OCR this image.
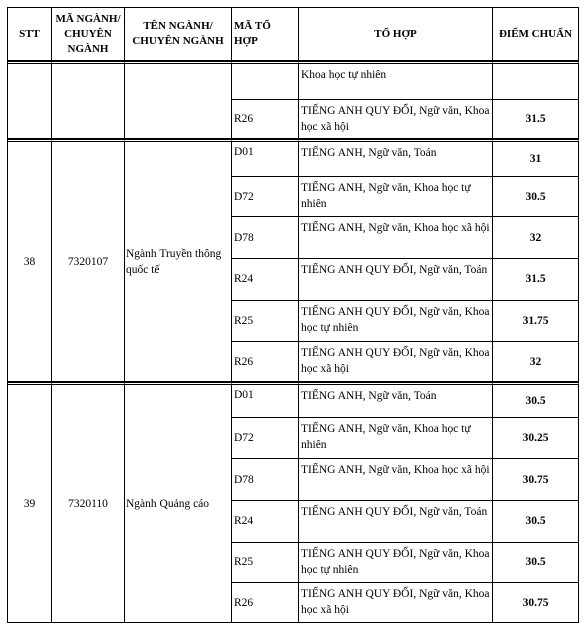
STT	MÃ NGÀNH/ CHUYÊN NGÀNH	TÊN NGÀNH/ CHUYÊN NGÀNH	MÃ TỔ HỢP	TỔ HỢP	ĐIỂM CHUẨN
				Khoa học tự nhiên	
			R26	TIẾNG ANH QUY ĐỔI, Ngữ văn, Khoa học xã hội	31.5
38	7320107	Ngành Truyền thông quốc tế	D01	TIẾNG ANH, Ngữ văn, Toán	31
			D72	TIẾNG ANH, Ngữ văn, Khoa học tự nhiên	30.5
			D78	TIẾNG ANH, Ngữ văn, Khoa học xã hội	32
			R24	TIẾNG ANH QUY ĐỔI, Ngữ văn, Toán	31.5
			R25	TIẾNG ANH QUY ĐỔI, Ngữ văn, Khoa học tự nhiên	31.75
			R26	TIẾNG ANH QUY ĐỔI, Ngữ văn, Khoa học xã hội	32
39	7320110	Ngành Quảng cáo	D01	TIẾNG ANH, Ngữ văn, Toán	30.5
			D72	TIẾNG ANH, Ngữ văn, Khoa học tự nhiên	30.25
			D78	TIẾNG ANH, Ngữ văn, Khoa học xã hội	30.75
			R24	TIẾNG ANH QUY ĐỔI, Ngữ văn, Toán	30.5
			R25	TIẾNG ANH QUY ĐỔI, Ngữ văn, Khoa học tự nhiên	30.5
			R26	TIẾNG ANH QUY ĐỔI, Ngữ văn, Khoa học xã hội	30.75
